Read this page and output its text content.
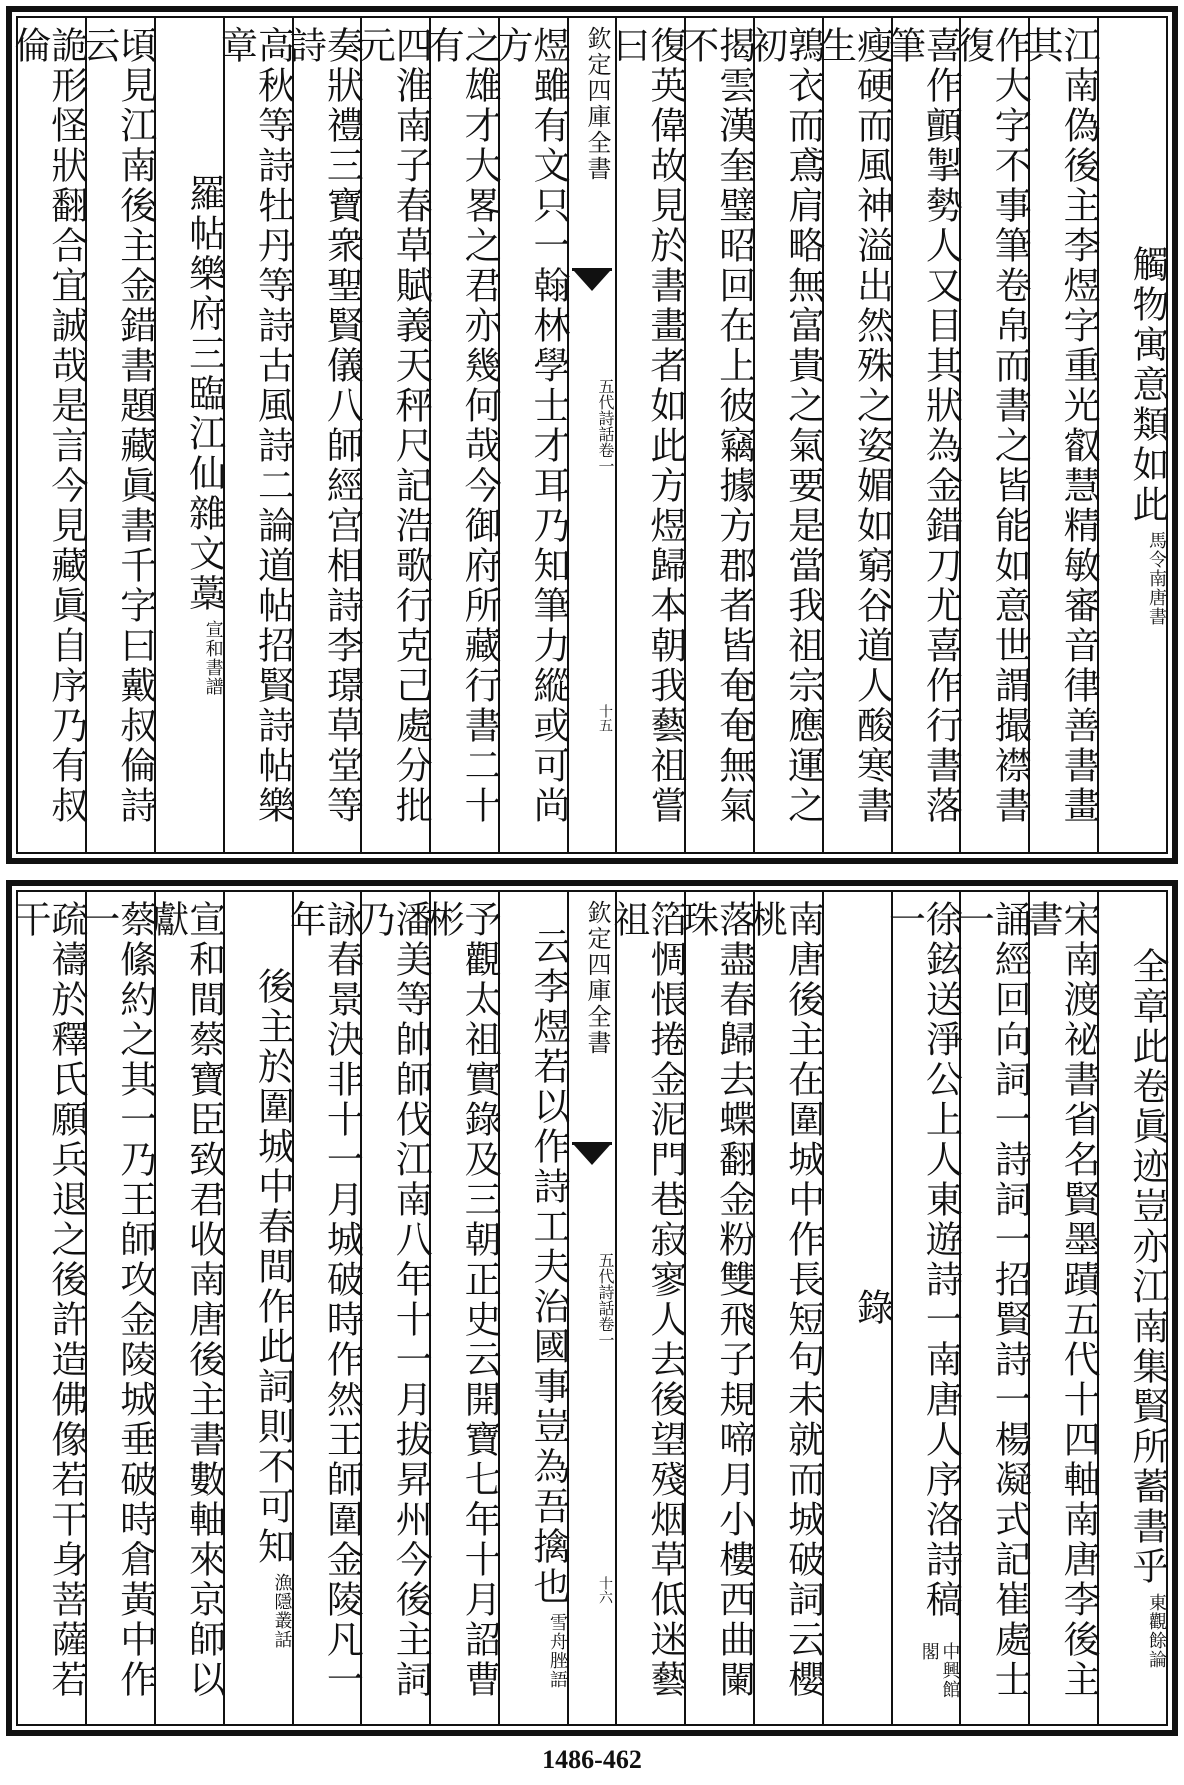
觸物寓意類如此
馬令南唐書
江南偽後主李煜字重光叡慧精敏審音律善書畫其
作大字不事筆卷帛而書之皆能如意世謂撮襟書復
喜作顫掣勢人又目其狀為金錯刀尤喜作行書落筆
瘦硬而風神溢出然殊之姿媚如窮谷道人酸寒書生
鶉衣而鳶肩略無富貴之氣要是當我祖宗應運之初
揭雲漢奎璧昭回在上彼竊據方郡者皆奄奄無氣不
復英偉故見於書畫者如此方煜歸本朝我藝祖嘗曰
欽定四庫全書
五代詩話
卷一
十五
煜雖有文只一翰林學士才耳乃知筆力縱或可尚方
之雄才大畧之君亦幾何哉今御府所藏行書二十有
四淮南子春草賦義天秤尺記浩歌行克己處分批元
奏狀禮三寶衆聖賢儀八師經宫相詩李璟草堂等詩
高秋等詩牡丹等詩古風詩二論道帖招賢詩帖樂章
羅帖樂府三臨江仙雜文藁
宣和書譜
頃見江南後主金錯書題藏眞書千字曰戴叔倫詩云
詭形怪狀翻合宜誠哉是言今見藏眞自序乃有叔倫
全章此卷眞迹豈亦江南集賢所蓄書乎
東觀餘論
宋南渡祕書省名賢墨蹟五代十四軸南唐李後主書
誦經回向詞一詩詞一招賢詩一楊凝式記崔處士一
徐鉉送淨公上人東遊詩一南唐人序洛詩稿一
中興館閣
錄
南唐後主在圍城中作長短句未就而城破詞云櫻桃
落盡春歸去蝶翻金粉雙飛子規啼月小樓西曲闌珠
箔惆悵捲金泥門巷寂寥人去後望殘烟草低迷藝祖
欽定四庫全書
五代詩話
卷一
十六
云李煜若以作詩工夫治國事豈為吾擒也
雪舟脞語
予觀太祖實錄及三朝正史云開寶七年十月詔曹彬
潘美等帥師伐江南八年十一月拔昇州今後主詞乃
詠春景決非十一月城破時作然王師圍金陵凡一年
後主於圍城中春間作此詞則不可知
漁隱叢話
宣和間蔡寶臣致君收南唐後主書數軸來京師以獻
蔡絛約之其一乃王師攻金陵城垂破時倉黃中作一
疏禱於釋氏願兵退之後許造佛像若干身菩薩若干
1486-462
